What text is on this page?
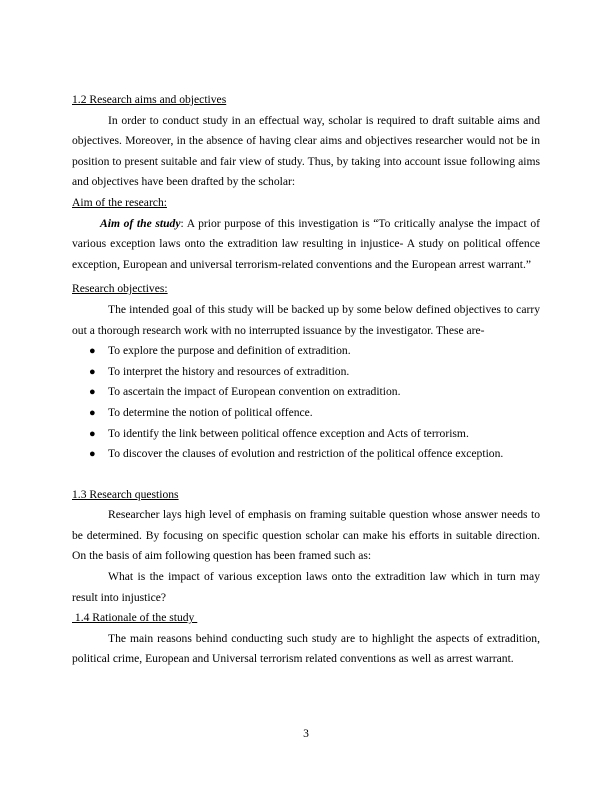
1.2 Research aims and objectives

In order to conduct study in an effectual way, scholar is required to draft suitable aims and objectives. Moreover, in the absence of having clear aims and objectives researcher would not be in position to present suitable and fair view of study. Thus, by taking into account issue following aims and objectives have been drafted by the scholar:

Aim of the research:

Aim of the study: A prior purpose of this investigation is “To critically analyse the impact of various exception laws onto the extradition law resulting in injustice- A study on political offence exception, European and universal terrorism-related conventions and the European arrest warrant.”

Research objectives:

The intended goal of this study will be backed up by some below defined objectives to carry out a thorough research work with no interrupted issuance by the investigator. These are-

● To explore the purpose and definition of extradition.
● To interpret the history and resources of extradition.
● To ascertain the impact of European convention on extradition.
● To determine the notion of political offence.
● To identify the link between political offence exception and Acts of terrorism.
● To discover the clauses of evolution and restriction of the political offence exception.

1.3 Research questions

Researcher lays high level of emphasis on framing suitable question whose answer needs to be determined. By focusing on specific question scholar can make his efforts in suitable direction. On the basis of aim following question has been framed such as:

What is the impact of various exception laws onto the extradition law which in turn may result into injustice?

1.4 Rationale of the study

The main reasons behind conducting such study are to highlight the aspects of extradition, political crime, European and Universal terrorism related conventions as well as arrest warrant.

3
